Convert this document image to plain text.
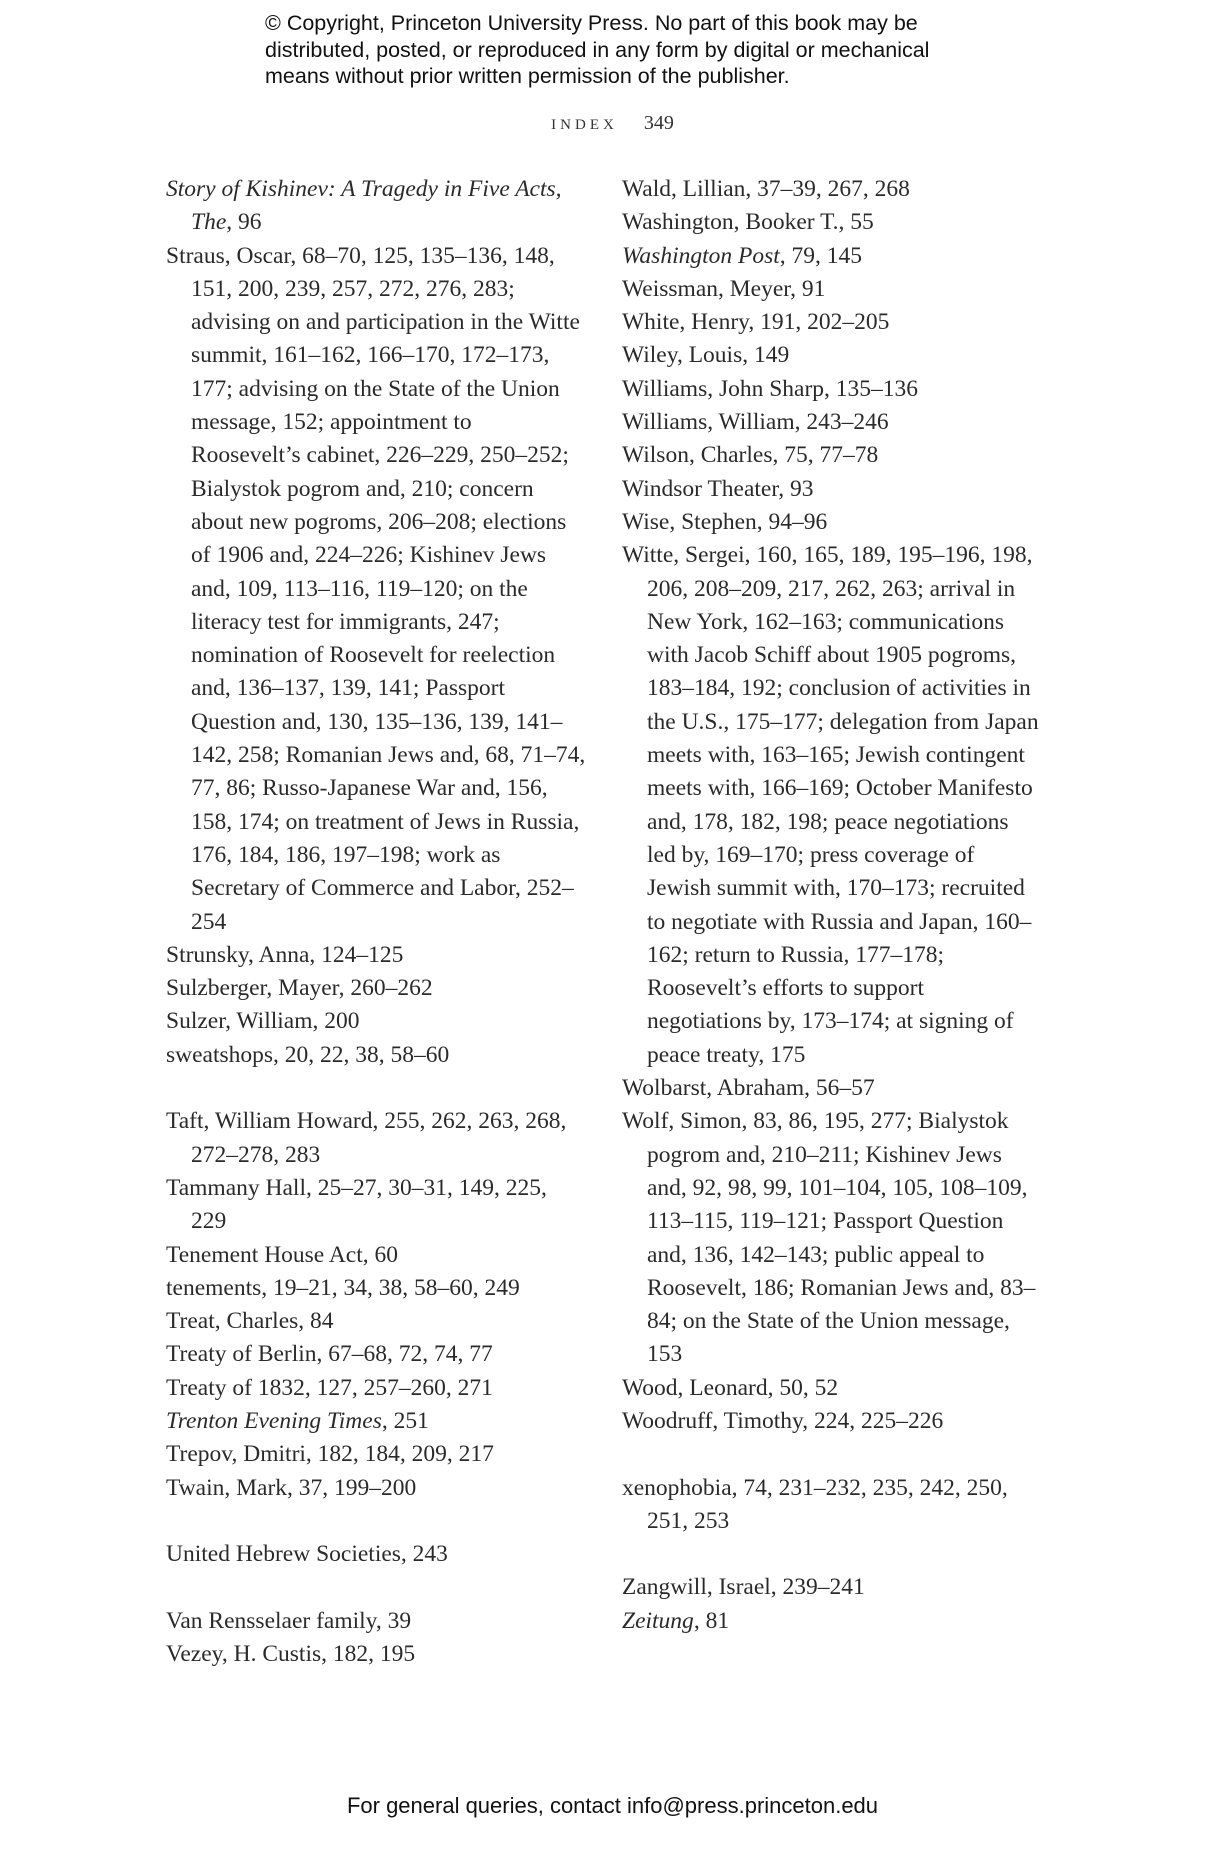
© Copyright, Princeton University Press. No part of this book may be
distributed, posted, or reproduced in any form by digital or mechanical
means without prior written permission of the publisher.
INDEX 349
Story of Kishinev: A Tragedy in Five Acts, The, 96
Straus, Oscar, 68–70, 125, 135–136, 148, 151, 200, 239, 257, 272, 276, 283; advising on and participation in the Witte summit, 161–162, 166–170, 172–173, 177; advising on the State of the Union message, 152; appointment to Roosevelt’s cabinet, 226–229, 250–252; Bialystok pogrom and, 210; concern about new pogroms, 206–208; elections of 1906 and, 224–226; Kishinev Jews and, 109, 113–116, 119–120; on the literacy test for immigrants, 247; nomination of Roosevelt for reelection and, 136–137, 139, 141; Passport Question and, 130, 135–136, 139, 141–142, 258; Romanian Jews and, 68, 71–74, 77, 86; Russo-Japanese War and, 156, 158, 174; on treatment of Jews in Russia, 176, 184, 186, 197–198; work as Secretary of Commerce and Labor, 252–254
Strunsky, Anna, 124–125
Sulzberger, Mayer, 260–262
Sulzer, William, 200
sweatshops, 20, 22, 38, 58–60
Taft, William Howard, 255, 262, 263, 268, 272–278, 283
Tammany Hall, 25–27, 30–31, 149, 225, 229
Tenement House Act, 60
tenements, 19–21, 34, 38, 58–60, 249
Treat, Charles, 84
Treaty of Berlin, 67–68, 72, 74, 77
Treaty of 1832, 127, 257–260, 271
Trenton Evening Times, 251
Trepov, Dmitri, 182, 184, 209, 217
Twain, Mark, 37, 199–200
United Hebrew Societies, 243
Van Rensselaer family, 39
Vezey, H. Custis, 182, 195
Wald, Lillian, 37–39, 267, 268
Washington, Booker T., 55
Washington Post, 79, 145
Weissman, Meyer, 91
White, Henry, 191, 202–205
Wiley, Louis, 149
Williams, John Sharp, 135–136
Williams, William, 243–246
Wilson, Charles, 75, 77–78
Windsor Theater, 93
Wise, Stephen, 94–96
Witte, Sergei, 160, 165, 189, 195–196, 198, 206, 208–209, 217, 262, 263; arrival in New York, 162–163; communications with Jacob Schiff about 1905 pogroms, 183–184, 192; conclusion of activities in the U.S., 175–177; delegation from Japan meets with, 163–165; Jewish contingent meets with, 166–169; October Manifesto and, 178, 182, 198; peace negotiations led by, 169–170; press coverage of Jewish summit with, 170–173; recruited to negotiate with Russia and Japan, 160–162; return to Russia, 177–178; Roosevelt’s efforts to support negotiations by, 173–174; at signing of peace treaty, 175
Wolbarst, Abraham, 56–57
Wolf, Simon, 83, 86, 195, 277; Bialystok pogrom and, 210–211; Kishinev Jews and, 92, 98, 99, 101–104, 105, 108–109, 113–115, 119–121; Passport Question and, 136, 142–143; public appeal to Roosevelt, 186; Romanian Jews and, 83–84; on the State of the Union message, 153
Wood, Leonard, 50, 52
Woodruff, Timothy, 224, 225–226
xenophobia, 74, 231–232, 235, 242, 250, 251, 253
Zangwill, Israel, 239–241
Zeitung, 81
For general queries, contact info@press.princeton.edu
